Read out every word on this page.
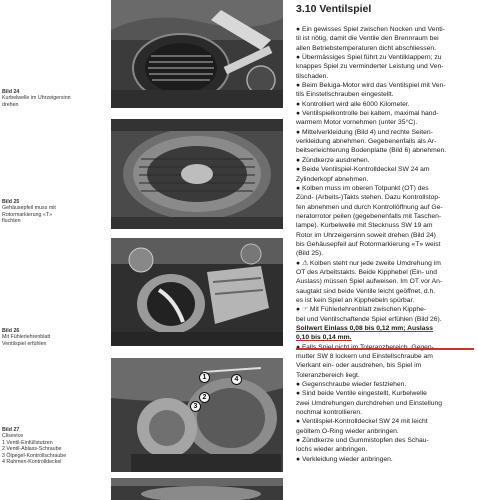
1
2
3
4
Bild 24
Kurbelwelle im Uhrzeigersinn
drehen
Bild 25
Gehäusepfeil muss mit
Rotormarkierung «T»
fluchten
Bild 26
Mit Fühlerlehrenblatt
Ventilspiel erfühlen
Bild 27
Clisevice
1 Ventil-Einfüllstutzen
2 Ventil-Ablass-Schraube
3 Ölpegel-Kontrollschraube
4 Rahmen-Kontrolldeckel
3.10 Ventilspiel
● Ein gewisses Spiel zwischen Nocken und Venti-
til ist nötig, damit die Ventile den Brennraum bei
allen Betriebstemperaturen dicht abschliessen.
● Übermässiges Spiel führt zu Ventilklappern; zu
knappes Spiel zu verminderter Leistung und Ven-
tilschaden.
● Beim Beluga-Motor wird das Ventilspiel mit Ven-
tils Einstellschrauben eingestellt.
● Kontrolliert wird alle 6000 Kilometer.
● Ventilspielkontrolle bei kaltem, maximal hand-
warmem Motor vornehmen (unter 35°C).
● Mittelverkleidung (Bild 4) und rechte Seiten-
verkleidung abnehmen. Gegebenenfalls als Ar-
beitserleichterung Bodenplatte (Bild 6) abnehmen.
● Zündkerze ausdrehen.
● Beide Ventilspiel-Kontrolldeckel SW 24 am
Zylinderkopf abnehmen.
● Kolben muss im oberen Totpunkt (OT) des
Zünd- (Arbeits-)Takts stehen. Dazu Kontrollstop-
fen abnehmen und durch Kontrollöffnung auf Ge-
neratorrotor peilen (gegebenenfalls mit Taschen-
lampe). Kurbelwelle mit Stecknuss SW 19 am
Rotor im Uhrzeigersinn soweit drehen (Bild 24)
bis Gehäusepfeil auf Rotormarkierung «T» weist
(Bild 25).
● ⚠ Kolben steht nur jede zweite Umdrehung im
OT des Arbeitstakts. Beide Kipphebel (Ein- und
Auslass) müssen Spiel aufweisen. Im OT vor An-
saugtakt sind beide Ventile leicht geöffnet, d.h.
es ist kein Spiel an Kipphebeln spürbar.
● ☞ Mit Fühlerlehrenblatt zwischen Kipphe-
bel und Ventilschaftende Spiel erfühlen (Bild 26).
Sollwert Einlass 0,08 bis 0,12 mm; Auslass
0,10 bis 0,14 mm.
mutter SW 8 lockern und Einstellschraube am
Vierkant ein- oder ausdrehen, bis Spiel im
Toleranzbereich liegt.
● Gegenschraube wieder festziehen.
● Sind beide Ventile eingestellt, Kurbelwelle
zwei Umdrehungen durchdrehen und Einstellung
nochmal kontrollieren.
● Ventilspiel-Kontrolldeckel SW 24 mit leicht
geöltem O-Ring wieder anbringen.
● Zündkerze und Gummistopfen des Schau-
lochs wieder anbringen.
● Verkleidung wieder anbringen.
